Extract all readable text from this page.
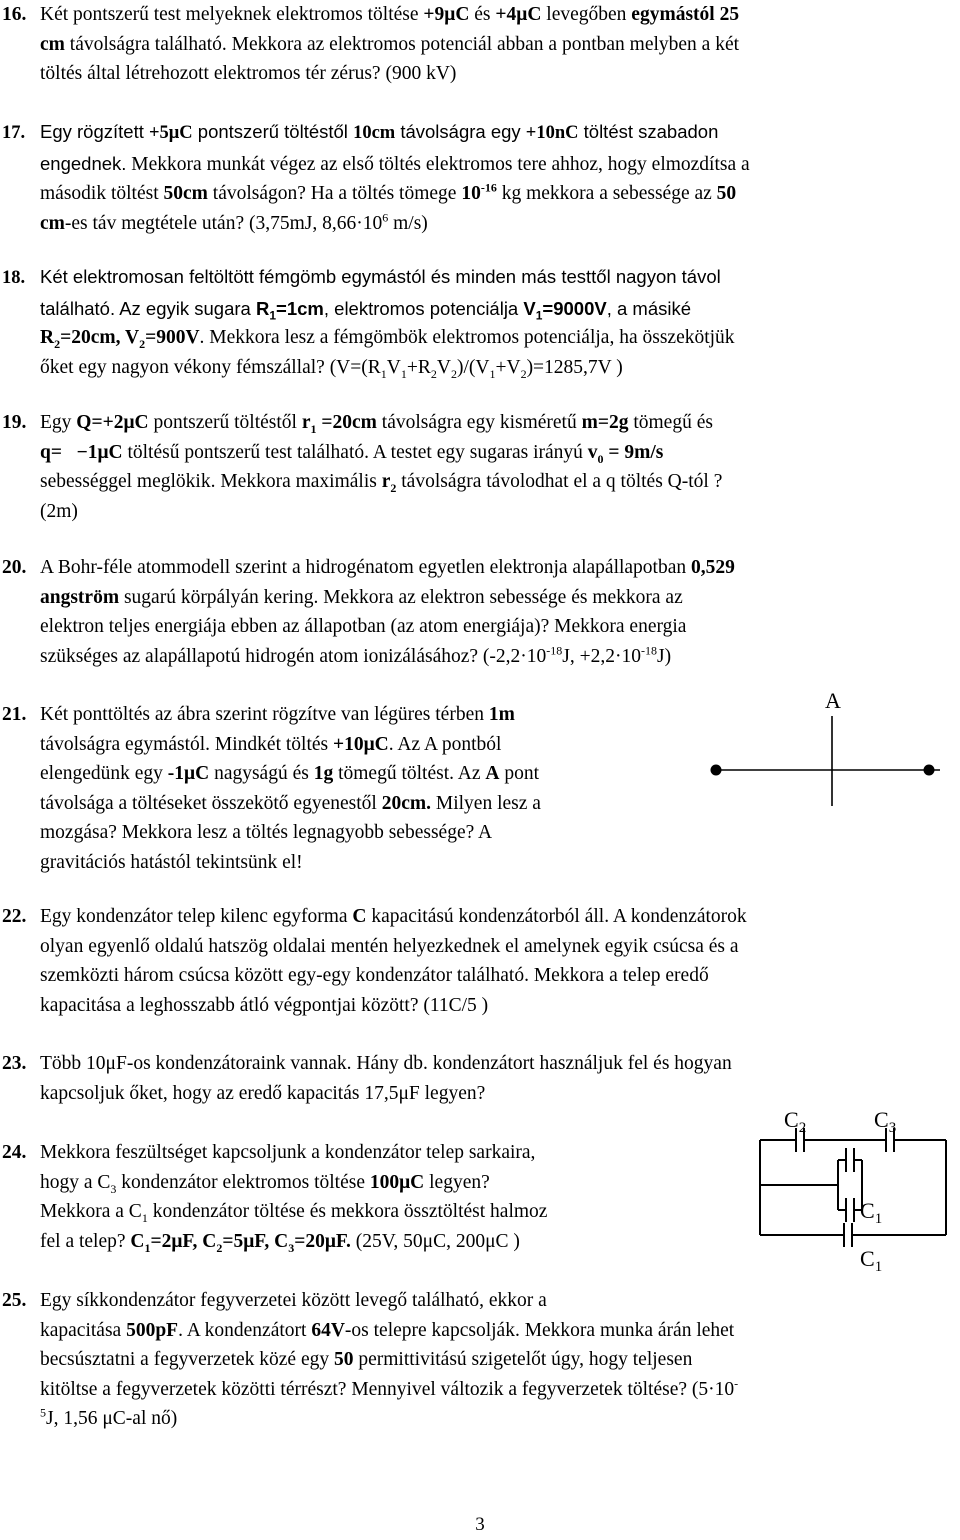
16. Két pontszerű test melyeknek elektromos töltése +9μC és +4μC levegőben egymástól 25
cm távolságra található. Mekkora az elektromos potenciál abban a pontban melyben a két
töltés által létrehozott elektromos tér zérus? (900 kV)
17. Egy rögzített +5μC pontszerű töltéstől 10cm távolságra egy +10nC töltést szabadon
engednek. Mekkora munkát végez az első töltés elektromos tere ahhoz, hogy elmozdítsa a
második töltést 50cm távolságon? Ha a töltés tömege $10^{-16}$ kg mekkora a sebessége az 50
cm-es táv megtétele után? (3,75mJ, $8,66\cdot 10^6$ m/s)
18. Két elektromosan feltöltött fémgömb egymástól és minden más testtől nagyon távol
található. Az egyik sugara $R_1=1cm$, elektromos potenciálja $V_1=9000V$, a másiké
$R_2=20cm$, $V_2=900V$. Mekkora lesz a fémgömbök elektromos potenciálja, ha összekötjük
őket egy nagyon vékony fémszállal? ($V=(R_1V_1+R_2V_2)/(V_1+V_2)=1285,7V$ )
19. Egy Q=+2μC pontszerű töltéstől $r_1 =20cm$ távolságra egy kisméretű m=2g tömegű és
q=   −1μC töltésű pontszerű test található. A testet egy sugaras irányú $v_0 = 9m/s$
sebességgel meglökik. Mekkora maximális $r_2$ távolságra távolodhat el a q töltés Q-tól ?
(2m)
20. A Bohr-féle atommodell szerint a hidrogénatom egyetlen elektronja alapállapotban 0,529
angström sugarú körpályán kering. Mekkora az elektron sebessége és mekkora az
elektron teljes energiája ebben az állapotban (az atom energiája)? Mekkora energia
szükséges az alapállapotú hidrogén atom ionizálásához? ($-2,2\cdot 10^{-18}J$, $+2,2\cdot 10^{-18}J$)
21. Két ponttöltés az ábra szerint rögzítve van légüres térben 1m
távolságra egymástól. Mindkét töltés +10μC. Az A pontból
elengedünk egy -1μC nagyságú és 1g tömegű töltést. Az A pont
távolsága a töltéseket összekötő egyenestől 20cm. Milyen lesz a
mozgása? Mekkora lesz a töltés legnagyobb sebessége? A
gravitációs hatástól tekintsünk el!
A
22. Egy kondenzátor telep kilenc egyforma C kapacitású kondenzátorból áll. A kondenzátorok
olyan egyenlő oldalú hatszög oldalai mentén helyezkednek el amelynek egyik csúcsa és a
szemközti három csúcsa között egy-egy kondenzátor található. Mekkora a telep eredő
kapacitása a leghosszabb átló végpontjai között? (11C/5 )
23. Több 10μF-os kondenzátoraink vannak. Hány db. kondenzátort használjuk fel és hogyan
kapcsoljuk őket, hogy az eredő kapacitás 17,5μF legyen?
24. Mekkora feszültséget kapcsoljunk a kondenzátor telep sarkaira,
hogy a $C_3$ kondenzátor elektromos töltése 100μC legyen?
Mekkora a $C_1$ kondenzátor töltése és mekkora össztöltést halmoz
fel a telep? $C_1=2\mu F$, $C_2=5\mu F$, $C_3=20\mu F$. (25V, 50μC, 200μC )
$C_2$	$C_3$
$C_1$
$C_1$
25. Egy síkkondenzátor fegyverzetei között levegő található, ekkor a
kapacitása 500pF. A kondenzátort 64V-os telepre kapcsolják. Mekkora munka árán lehet
becsúsztatni a fegyverzetek közé egy 50 permittivitású szigetelőt úgy, hogy teljesen
kitöltse a fegyverzetek közötti térrészt? Mennyivel változik a fegyverzetek töltése? (5·10-
$^5$J, 1,56 μC-al nő)
3
